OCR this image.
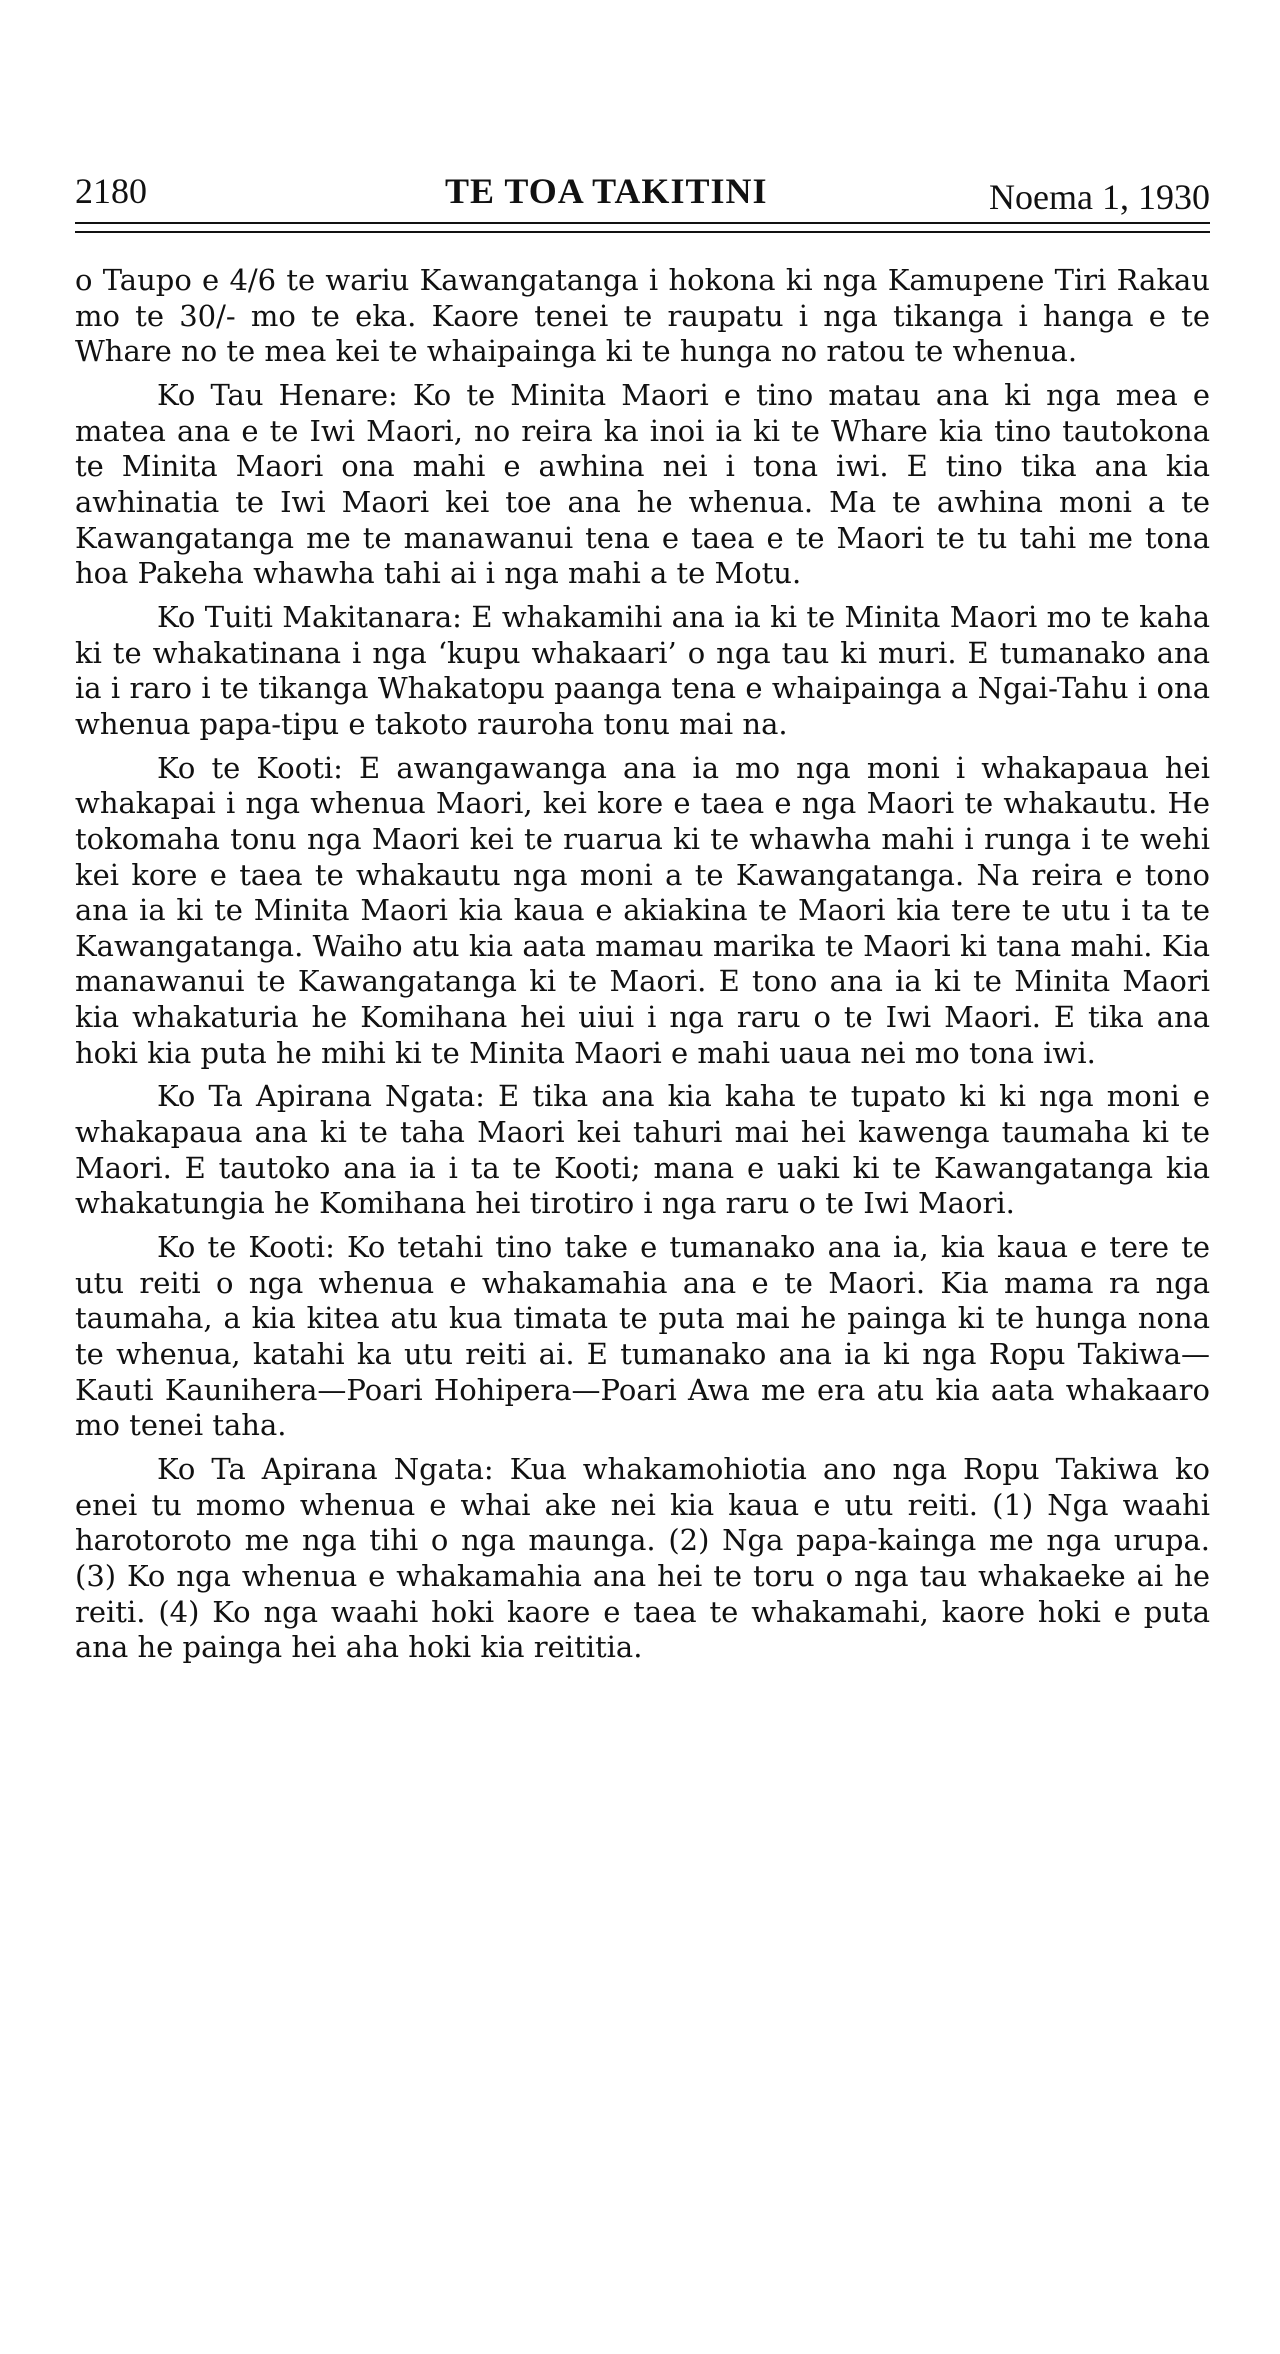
2180	TE TOA TAKITINI	Noema 1, 1930

o Taupo e 4/6 te wariu Kawangatanga i hokona ki nga Kamupene Tiri Rakau mo te 30/- mo te eka. Kaore tenei te raupatu i nga tikanga i hanga e te Whare no te mea kei te whaipainga ki te hunga no ratou te whenua.

Ko Tau Henare: Ko te Minita Maori e tino matau ana ki nga mea e matea ana e te Iwi Maori, no reira ka inoi ia ki te Whare kia tino tautokona te Minita Maori ona mahi e awhina nei i tona iwi. E tino tika ana kia awhinatia te Iwi Maori kei toe ana he whenua. Ma te awhina moni a te Kawangatanga me te manawanui tena e taea e te Maori te tu tahi me tona hoa Pakeha whawha tahi ai i nga mahi a te Motu.

Ko Tuiti Makitanara: E whakamihi ana ia ki te Minita Maori mo te kaha ki te whakatinana i nga ‘kupu whakaari’ o nga tau ki muri. E tumanako ana ia i raro i te tikanga Whakatopu paanga tena e whaipainga a Ngai-Tahu i ona whenua papa-tipu e takoto rauroha tonu mai na.

Ko te Kooti: E awangawanga ana ia mo nga moni i whakapaua hei whakapai i nga whenua Maori, kei kore e taea e nga Maori te whakautu. He tokomaha tonu nga Maori kei te ruarua ki te whawha mahi i runga i te wehi kei kore e taea te whakautu nga moni a te Kawangatanga. Na reira e tono ana ia ki te Minita Maori kia kaua e akiakina te Maori kia tere te utu i ta te Kawangatanga. Waiho atu kia aata mamau marika te Maori ki tana mahi. Kia manawanui te Kawangatanga ki te Maori. E tono ana ia ki te Minita Maori kia whakaturia he Komihana hei uiui i nga raru o te Iwi Maori. E tika ana hoki kia puta he mihi ki te Minita Maori e mahi uaua nei mo tona iwi.

Ko Ta Apirana Ngata: E tika ana kia kaha te tupato ki ki nga moni e whakapaua ana ki te taha Maori kei tahuri mai hei kawenga taumaha ki te Maori. E tautoko ana ia i ta te Kooti; mana e uaki ki te Kawangatanga kia whakatungia he Komihana hei tirotiro i nga raru o te Iwi Maori.

Ko te Kooti: Ko tetahi tino take e tumanako ana ia, kia kaua e tere te utu reiti o nga whenua e whakamahia ana e te Maori. Kia mama ra nga taumaha, a kia kitea atu kua timata te puta mai he painga ki te hunga nona te whenua, katahi ka utu reiti ai. E tumanako ana ia ki nga Ropu Takiwa—Kauti Kaunihera—Poari Hohipera—Poari Awa me era atu kia aata whakaaro mo tenei taha.

Ko Ta Apirana Ngata: Kua whakamohiotia ano nga Ropu Takiwa ko enei tu momo whenua e whai ake nei kia kaua e utu reiti. (1) Nga waahi harotoroto me nga tihi o nga maunga. (2) Nga papa-kainga me nga urupa. (3) Ko nga whenua e whakamahia ana hei te toru o nga tau whakaeke ai he reiti. (4) Ko nga waahi hoki kaore e taea te whakamahi, kaore hoki e puta ana he painga hei aha hoki kia reititia.
